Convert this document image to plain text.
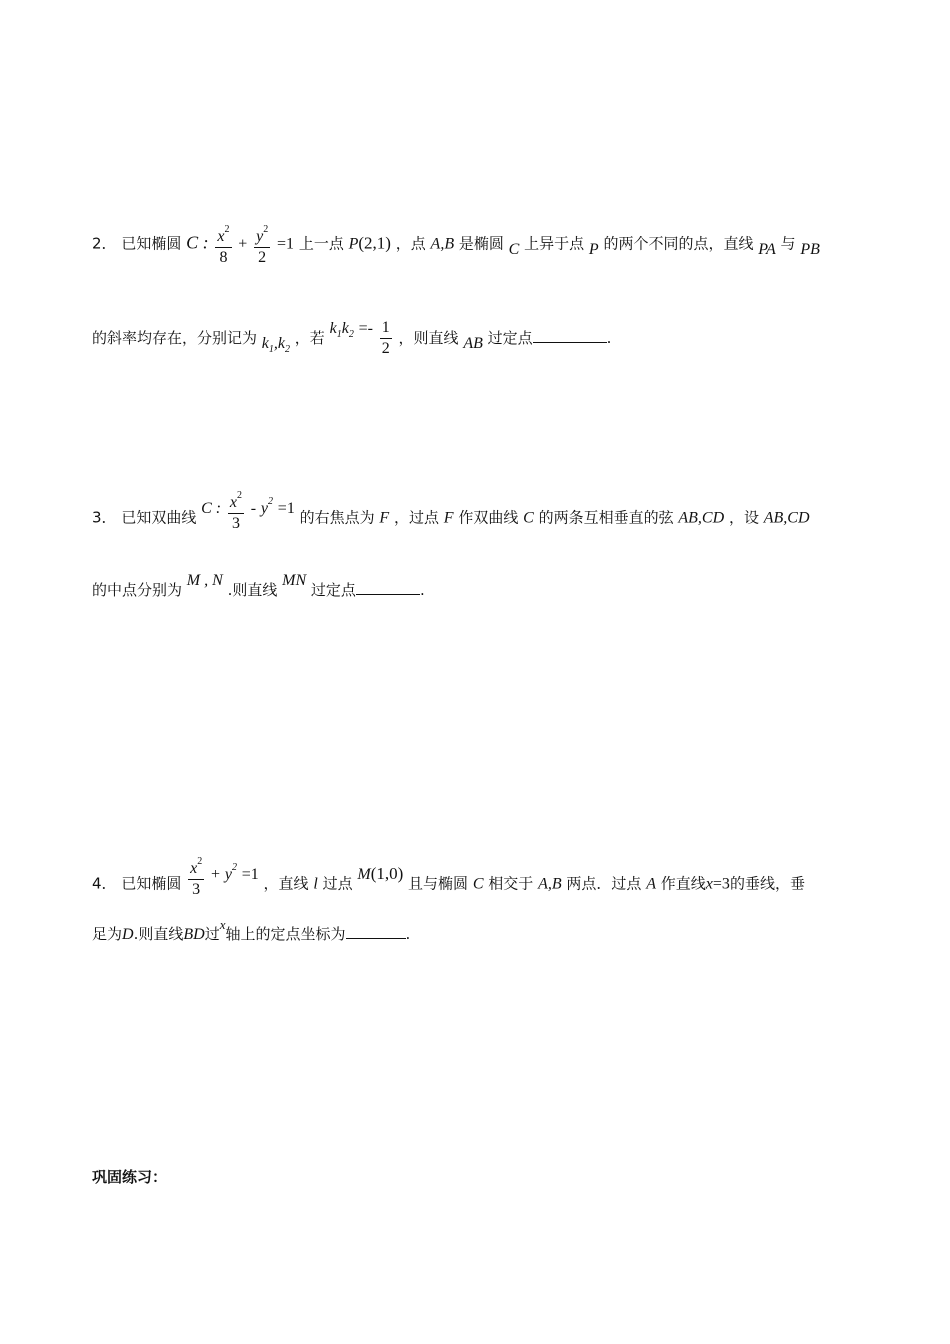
2． 已知椭圆 C : $\frac{x^2}{8} + \frac{y^2}{2} =1$ 上一点 P(2,1) ，点 A,B 是椭圆 C 上异于点 P 的两个不同的点，直线 PA 与 PB
的斜率均存在，分别记为 $k_1,k_2$ ，若 $k_1k_2 =- \frac{1}{2}$ ，则直线 AB 过定点	.
3． 已知双曲线 C : $\frac{x^2}{3} - y^2 =1$ 的右焦点为 F ，过点 F 作双曲线 C 的两条互相垂直的弦 AB,CD ，设 AB,CD
的中点分别为 M , N .则直线 MN 过定点	.
4． 已知椭圆 $\frac{x^2}{3} + y^2 =1$ ，直线 l 过点 M(1,0) 且与椭圆 C 相交于 A,B 两点．过点 A 作直线x=3的垂线，垂
足为D.则直线BD过x轴上的定点坐标为	.
巩固练习：
